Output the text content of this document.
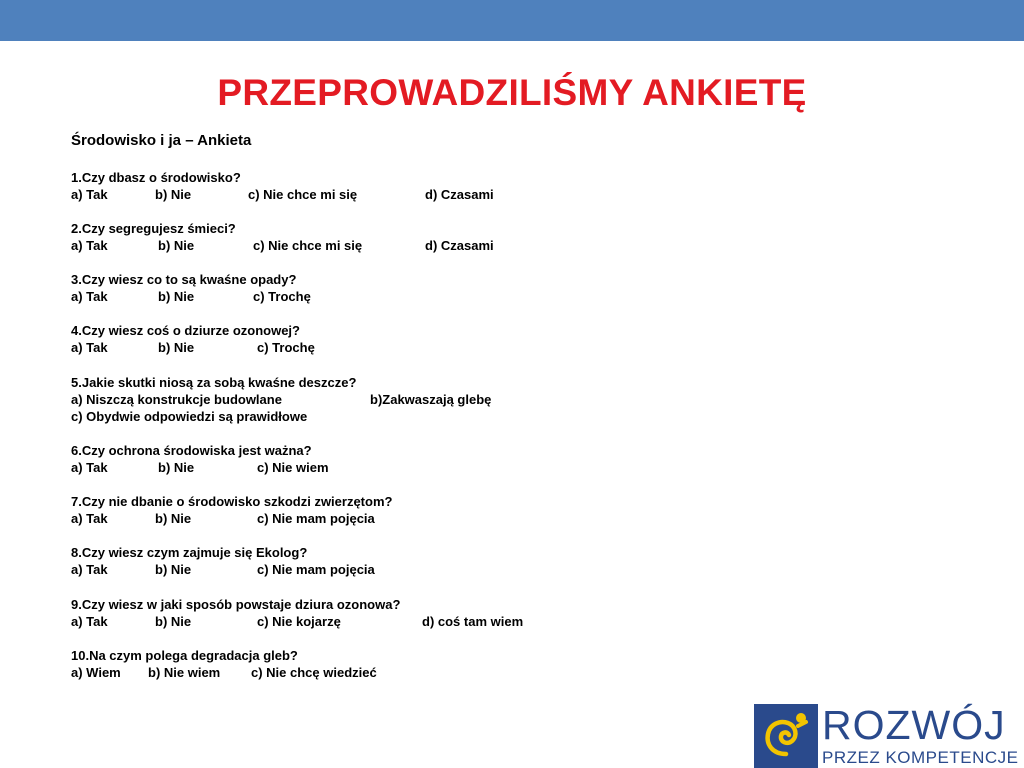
PRZEPROWADZILIŚMY ANKIETĘ
Środowisko i ja – Ankieta
1.Czy dbasz o środowisko?
a) Tak	b) Nie	c) Nie chce mi się	d) Czasami
2.Czy segregujesz śmieci?
a) Tak	b) Nie	c) Nie chce mi się	d) Czasami
3.Czy wiesz co to są kwaśne opady?
a) Tak	b) Nie	c) Trochę
4.Czy wiesz coś o dziurze ozonowej?
a) Tak	b) Nie	c) Trochę
5.Jakie skutki niosą za sobą kwaśne deszcze?
a) Niszczą konstrukcje budowlane	b)Zakwaszają glebę
c) Obydwie odpowiedzi są prawidłowe
6.Czy ochrona środowiska jest ważna?
a) Tak	b) Nie	c) Nie wiem
7.Czy nie dbanie o środowisko szkodzi zwierzętom?
a) Tak	b) Nie	c) Nie mam pojęcia
8.Czy wiesz czym zajmuje się Ekolog?
a) Tak	b) Nie	c) Nie mam pojęcia
9.Czy wiesz w jaki sposób powstaje dziura ozonowa?
a) Tak	b) Nie	c) Nie kojarzę	d) coś tam wiem
10.Na czym polega degradacja gleb?
a) Wiem b) Nie wiem c) Nie chcę wiedzieć
ROZWÓJ
PRZEZ KOMPETENCJE
